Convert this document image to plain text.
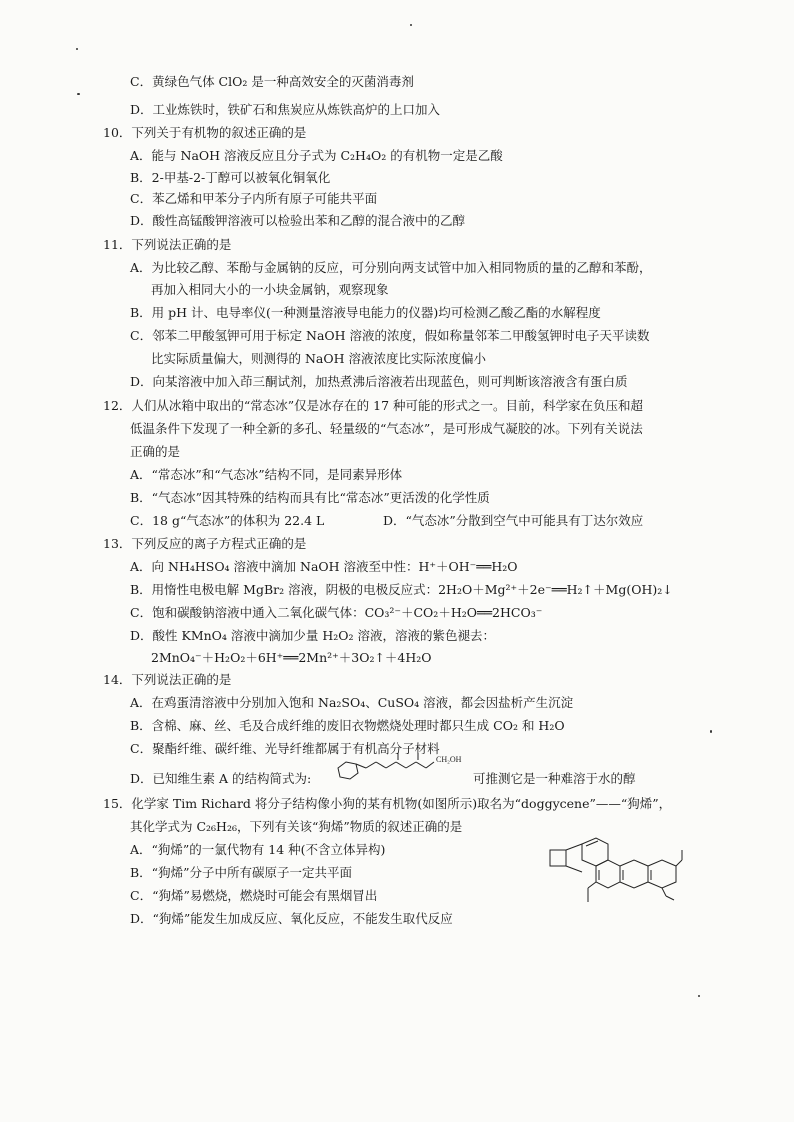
C．黄绿色气体 ClO₂ 是一种高效安全的灭菌消毒剂
D．工业炼铁时，铁矿石和焦炭应从炼铁高炉的上口加入
10．下列关于有机物的叙述正确的是
A．能与 NaOH 溶液反应且分子式为 C₂H₄O₂ 的有机物一定是乙酸
B．2-甲基-2-丁醇可以被氧化铜氧化
C．苯乙烯和甲苯分子内所有原子可能共平面
D．酸性高锰酸钾溶液可以检验出苯和乙醇的混合液中的乙醇
11．下列说法正确的是
A．为比较乙醇、苯酚与金属钠的反应，可分别向两支试管中加入相同物质的量的乙醇和苯酚，
再加入相同大小的一小块金属钠，观察现象
B．用 pH 计、电导率仪(一种测量溶液导电能力的仪器)均可检测乙酸乙酯的水解程度
C．邻苯二甲酸氢钾可用于标定 NaOH 溶液的浓度，假如称量邻苯二甲酸氢钾时电子天平读数
比实际质量偏大，则测得的 NaOH 溶液浓度比实际浓度偏小
D．向某溶液中加入茚三酮试剂，加热煮沸后溶液若出现蓝色，则可判断该溶液含有蛋白质
12．人们从冰箱中取出的“常态冰”仅是冰存在的 17 种可能的形式之一。目前，科学家在负压和超
低温条件下发现了一种全新的多孔、轻量级的“气态冰”，是可形成气凝胶的冰。下列有关说法
正确的是
A．“常态冰”和“气态冰”结构不同，是同素异形体
B．“气态冰”因其特殊的结构而具有比“常态冰”更活泼的化学性质
C．18 g“气态冰”的体积为 22.4 L	D．“气态冰”分散到空气中可能具有丁达尔效应
13．下列反应的离子方程式正确的是
A．向 NH₄HSO₄ 溶液中滴加 NaOH 溶液至中性：H⁺＋OH⁻══H₂O
B．用惰性电极电解 MgBr₂ 溶液，阴极的电极反应式：2H₂O＋Mg²⁺＋2e⁻══H₂↑＋Mg(OH)₂↓
C．饱和碳酸钠溶液中通入二氧化碳气体：CO₃²⁻＋CO₂＋H₂O══2HCO₃⁻
D．酸性 KMnO₄ 溶液中滴加少量 H₂O₂ 溶液，溶液的紫色褪去：
2MnO₄⁻＋H₂O₂＋6H⁺══2Mn²⁺＋3O₂↑＋4H₂O
14．下列说法正确的是
A．在鸡蛋清溶液中分别加入饱和 Na₂SO₄、CuSO₄ 溶液，都会因盐析产生沉淀
B．含棉、麻、丝、毛及合成纤维的废旧衣物燃烧处理时都只生成 CO₂ 和 H₂O
C．聚酯纤维、碳纤维、光导纤维都属于有机高分子材料
D．已知维生素 A 的结构简式为:	可推测它是一种难溶于水的醇
CH₂OH
15．化学家 Tim Richard 将分子结构像小狗的某有机物(如图所示)取名为“doggycene”——“狗烯”，
其化学式为 C₂₆H₂₆，下列有关该“狗烯”物质的叙述正确的是
A．“狗烯”的一氯代物有 14 种(不含立体异构)
B．“狗烯”分子中所有碳原子一定共平面
C．“狗烯”易燃烧，燃烧时可能会有黑烟冒出
D．“狗烯”能发生加成反应、氧化反应，不能发生取代反应
